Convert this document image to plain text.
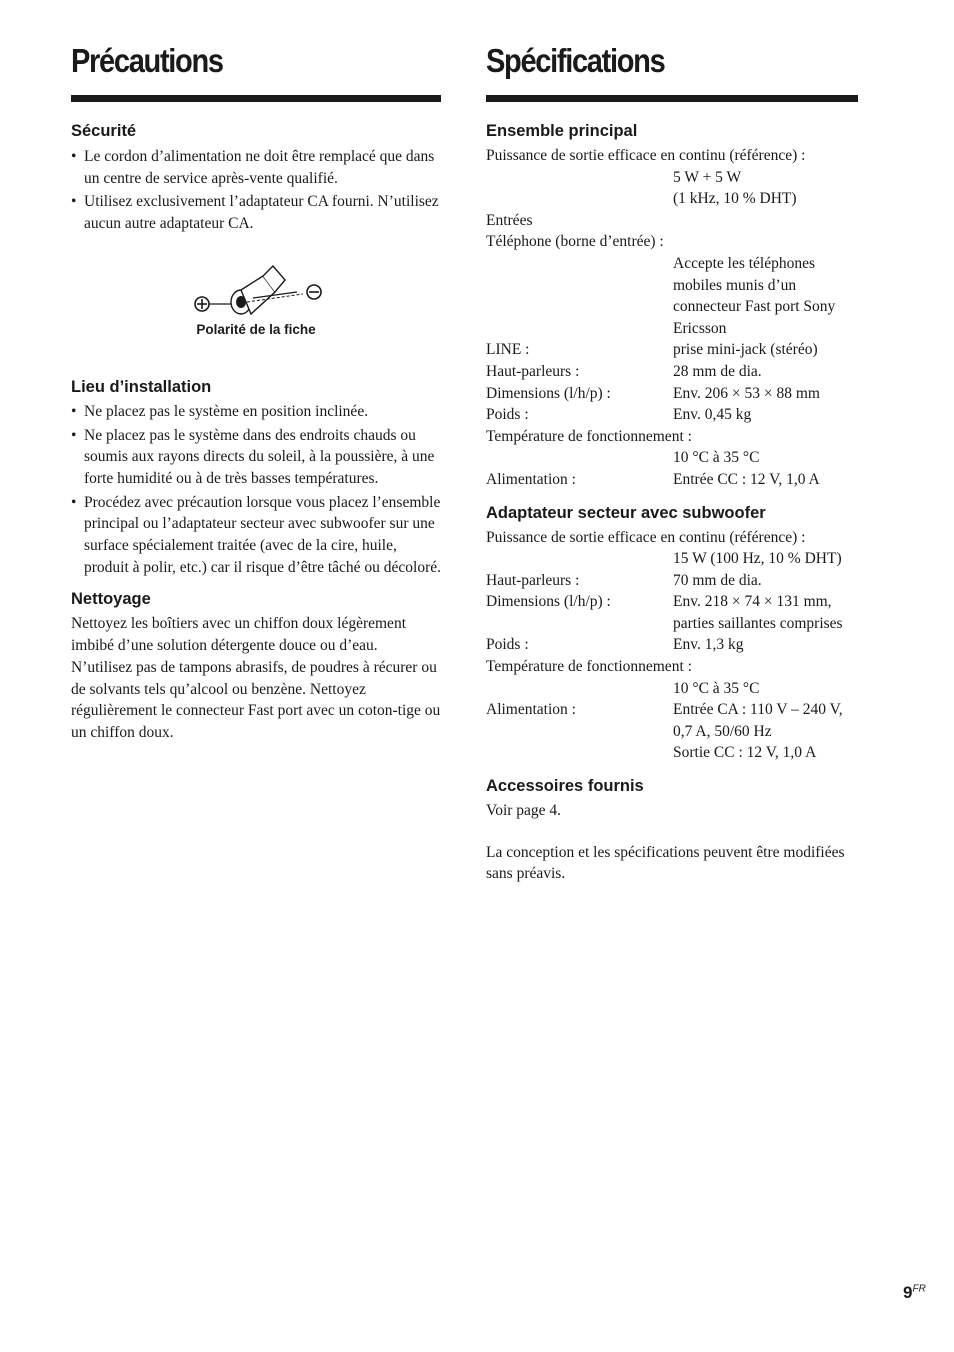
Précautions
Sécurité
• Le cordon d’alimentation ne doit être remplacé que dans un centre de service après-vente qualifié.
• Utilisez exclusivement l’adaptateur CA fourni. N’utilisez aucun autre adaptateur CA.
Polarité de la fiche
Lieu d’installation
• Ne placez pas le système en position inclinée.
• Ne placez pas le système dans des endroits chauds ou soumis aux rayons directs du soleil, à la poussière, à une forte humidité ou à de très basses températures.
• Procédez avec précaution lorsque vous placez l’ensemble principal ou l’adaptateur secteur avec subwoofer sur une surface spécialement traitée (avec de la cire, huile, produit à polir, etc.) car il risque d’être tâché ou décoloré.
Nettoyage

Nettoyez les boîtiers avec un chiffon doux légèrement imbibé d’une solution détergente douce ou d’eau. N’utilisez pas de tampons abrasifs, de poudres à récurer ou de solvants tels qu’alcool ou benzène. Nettoyez régulièrement le connecteur Fast port avec un coton-tige ou un chiffon doux.

Spécifications
Ensemble principal
Puissance de sortie efficace en continu (référence) :
5 W + 5 W
(1 kHz, 10 % DHT)
Entrées
Téléphone (borne d’entrée) :
Accepte les téléphones mobiles munis d’un connecteur Fast port Sony Ericsson
LINE :	prise mini-jack (stéréo)
Haut-parleurs :	28 mm de dia.
Dimensions (l/h/p) :	Env. 206 × 53 × 88 mm
Poids :	Env. 0,45 kg
Température de fonctionnement :
10 °C à 35 °C
Alimentation :	Entrée CC : 12 V, 1,0 A
Adaptateur secteur avec subwoofer
Puissance de sortie efficace en continu (référence) :
15 W (100 Hz, 10 % DHT)
Haut-parleurs :	70 mm de dia.
Dimensions (l/h/p) :	Env. 218 × 74 × 131 mm, parties saillantes comprises
Poids :	Env. 1,3 kg
Température de fonctionnement :
10 °C à 35 °C
Alimentation :	Entrée CA : 110 V – 240 V, 0,7 A, 50/60 Hz
Sortie CC : 12 V, 1,0 A
Accessoires fournis
Voir page 4.
La conception et les spécifications peuvent être modifiées sans préavis.
$9^{FR}$
